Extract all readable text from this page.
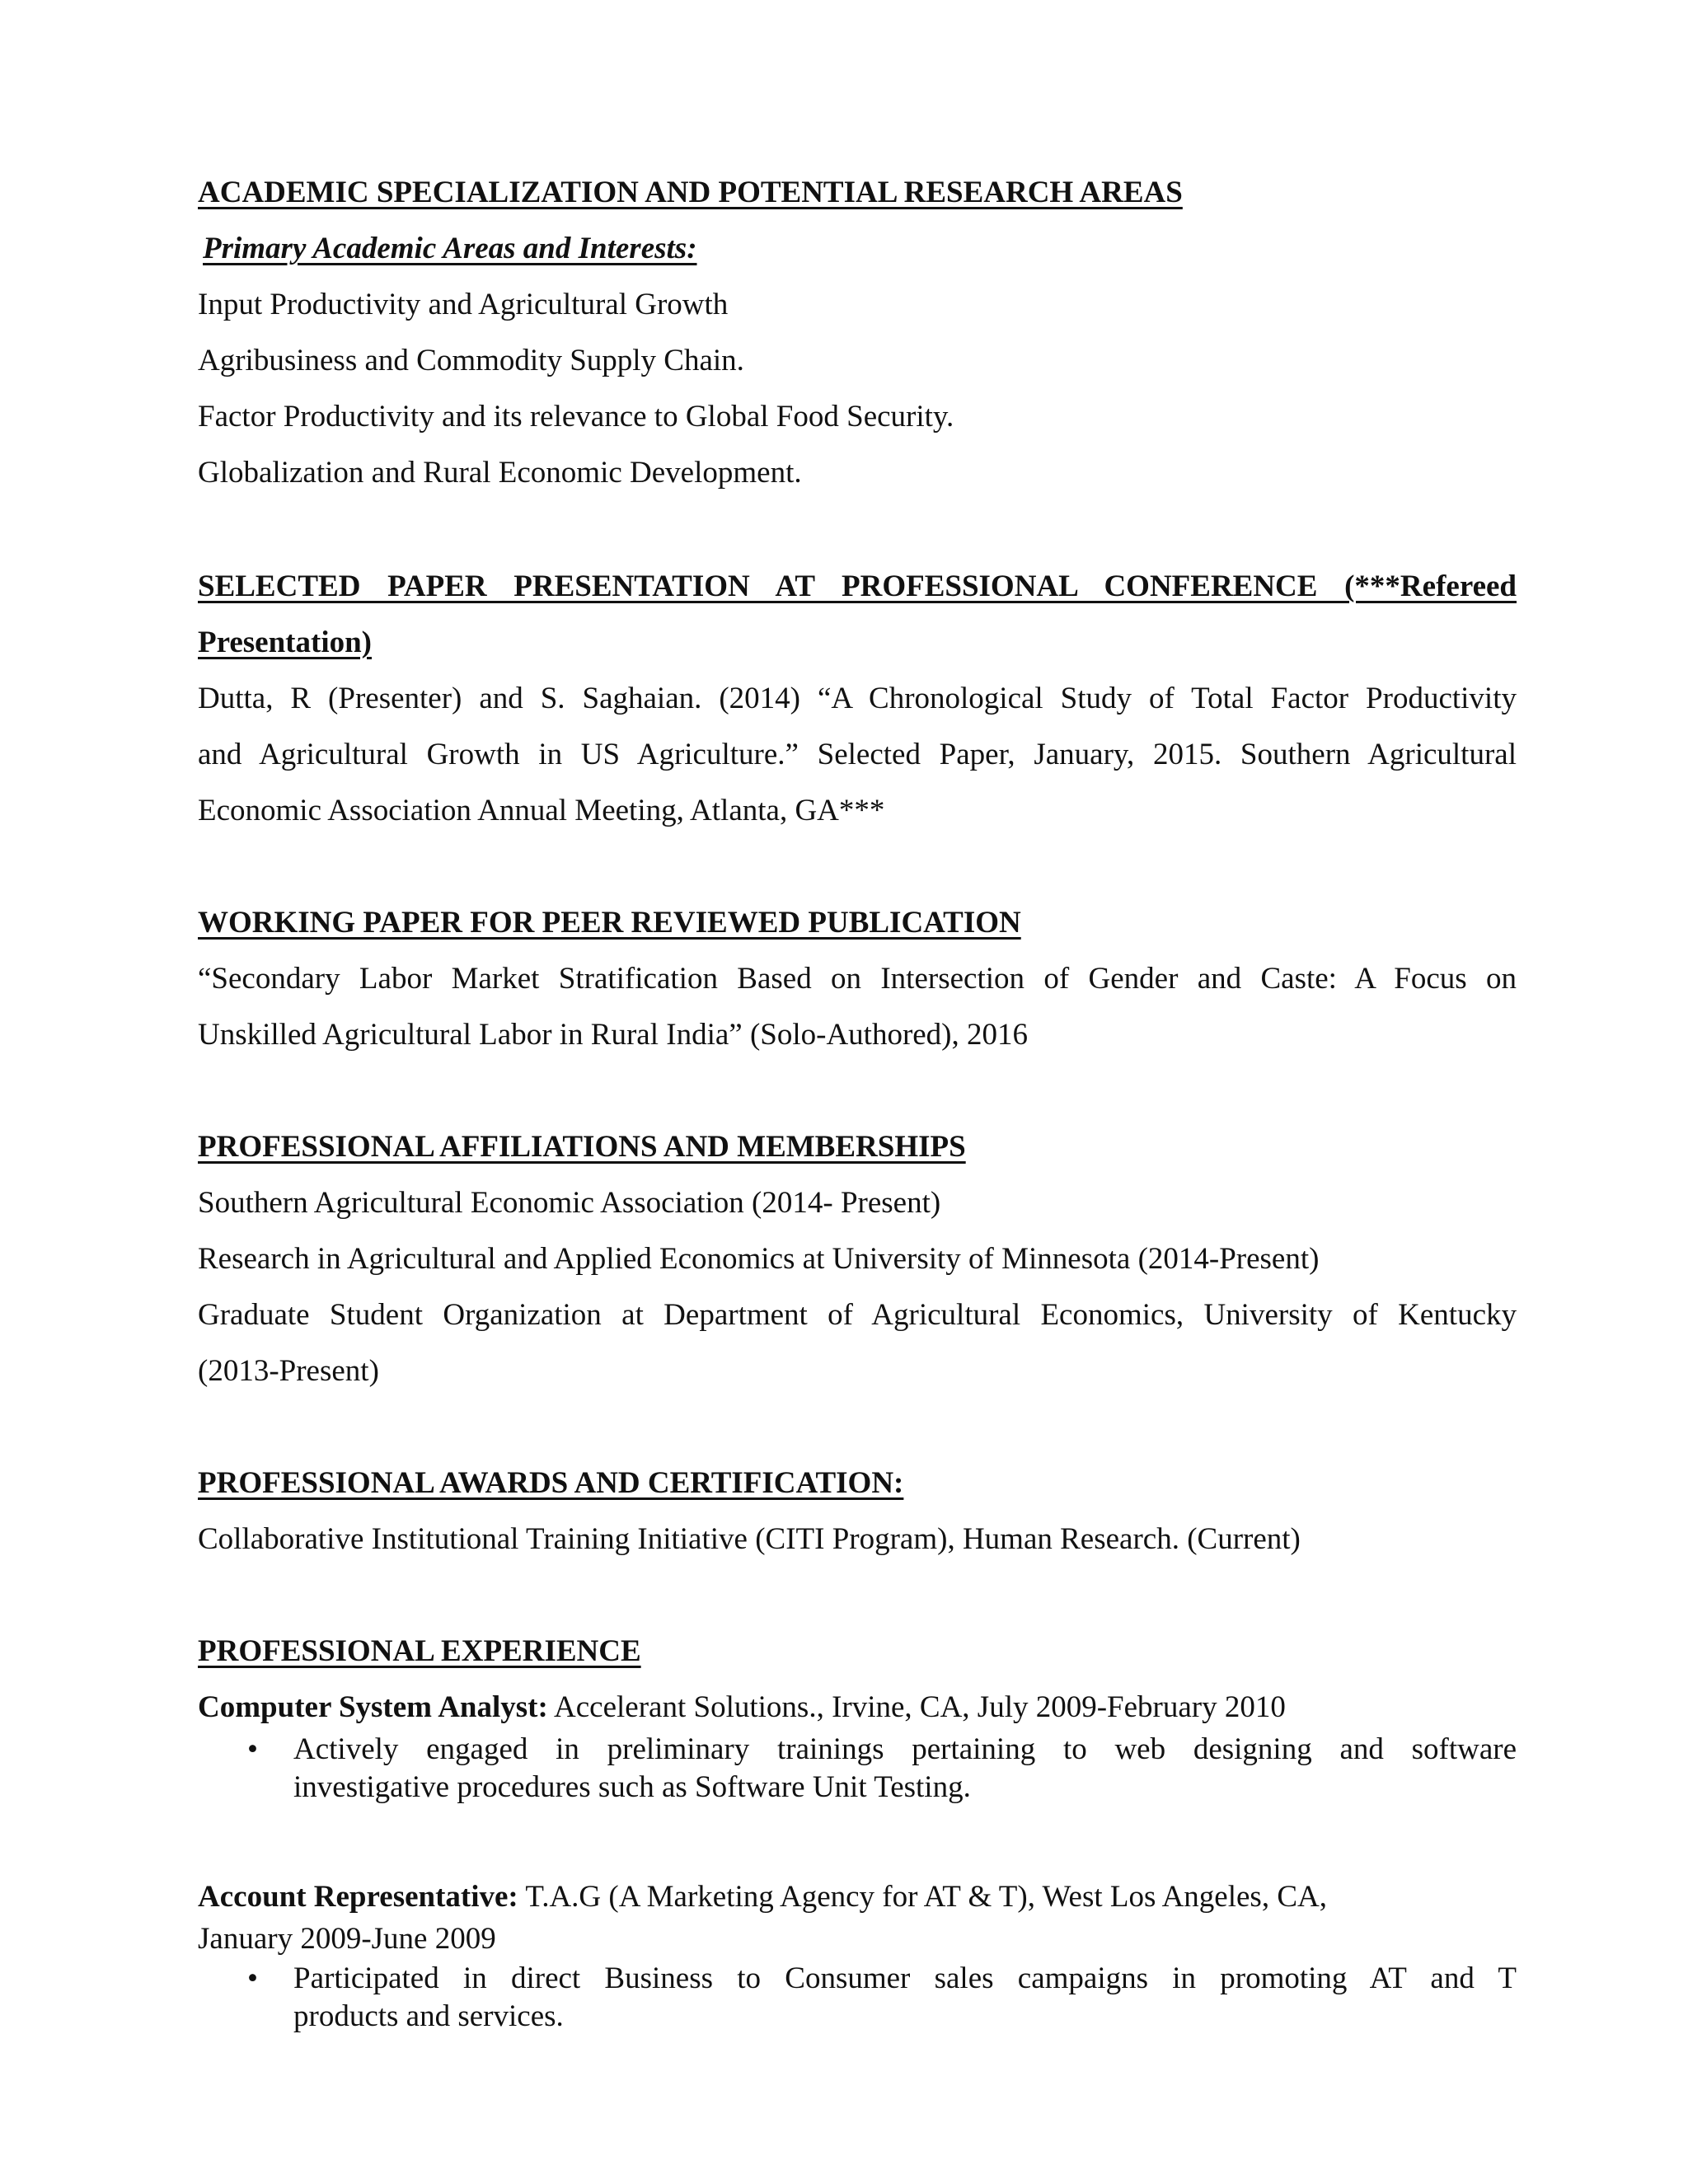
ACADEMIC SPECIALIZATION AND POTENTIAL RESEARCH AREAS

Primary Academic Areas and Interests:

Input Productivity and Agricultural Growth

Agribusiness and Commodity Supply Chain.

Factor Productivity and its relevance to Global Food Security.

Globalization and Rural Economic Development.

SELECTED PAPER PRESENTATION AT PROFESSIONAL CONFERENCE (***Refereed

Presentation)

Dutta, R (Presenter) and S. Saghaian. (2014) “A Chronological Study of Total Factor Productivity

and Agricultural Growth in US Agriculture.” Selected Paper, January, 2015. Southern Agricultural

Economic Association Annual Meeting, Atlanta, GA***

WORKING PAPER FOR PEER REVIEWED PUBLICATION

“Secondary Labor Market Stratification Based on Intersection of Gender and Caste: A Focus on

Unskilled Agricultural Labor in Rural India” (Solo-Authored), 2016

PROFESSIONAL AFFILIATIONS AND MEMBERSHIPS

Southern Agricultural Economic Association (2014- Present)

Research in Agricultural and Applied Economics at University of Minnesota (2014-Present)

Graduate Student Organization at Department of Agricultural Economics, University of Kentucky

(2013-Present)

PROFESSIONAL AWARDS AND CERTIFICATION:

Collaborative Institutional Training Initiative (CITI Program), Human Research. (Current)

PROFESSIONAL EXPERIENCE

Computer System Analyst: Accelerant Solutions., Irvine, CA, July 2009-February 2010

• Actively engaged in preliminary trainings pertaining to web designing and software

investigative procedures such as Software Unit Testing.

Account Representative: T.A.G (A Marketing Agency for AT & T), West Los Angeles, CA,

January 2009-June 2009

• Participated in direct Business to Consumer sales campaigns in promoting AT and T

products and services.
